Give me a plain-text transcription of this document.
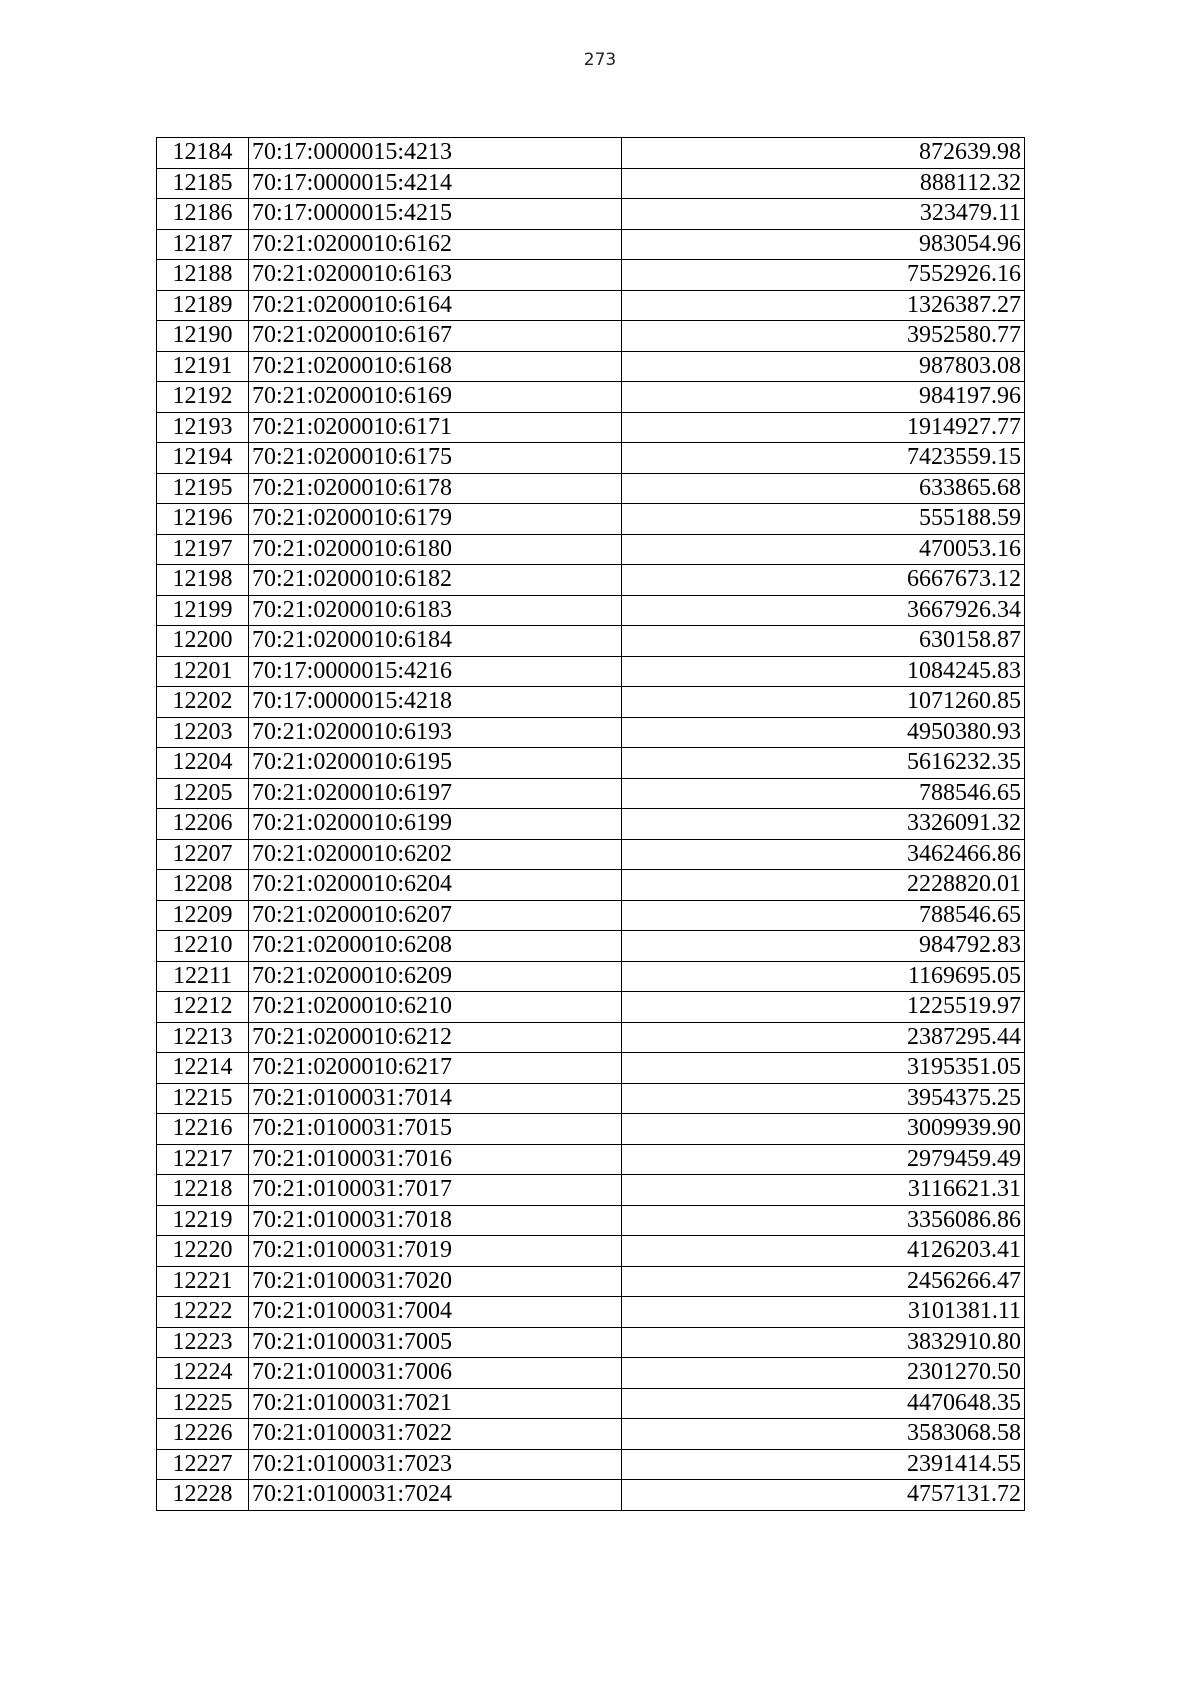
273
12184	70:17:0000015:4213	872639.98
12185	70:17:0000015:4214	888112.32
12186	70:17:0000015:4215	323479.11
12187	70:21:0200010:6162	983054.96
12188	70:21:0200010:6163	7552926.16
12189	70:21:0200010:6164	1326387.27
12190	70:21:0200010:6167	3952580.77
12191	70:21:0200010:6168	987803.08
12192	70:21:0200010:6169	984197.96
12193	70:21:0200010:6171	1914927.77
12194	70:21:0200010:6175	7423559.15
12195	70:21:0200010:6178	633865.68
12196	70:21:0200010:6179	555188.59
12197	70:21:0200010:6180	470053.16
12198	70:21:0200010:6182	6667673.12
12199	70:21:0200010:6183	3667926.34
12200	70:21:0200010:6184	630158.87
12201	70:17:0000015:4216	1084245.83
12202	70:17:0000015:4218	1071260.85
12203	70:21:0200010:6193	4950380.93
12204	70:21:0200010:6195	5616232.35
12205	70:21:0200010:6197	788546.65
12206	70:21:0200010:6199	3326091.32
12207	70:21:0200010:6202	3462466.86
12208	70:21:0200010:6204	2228820.01
12209	70:21:0200010:6207	788546.65
12210	70:21:0200010:6208	984792.83
12211	70:21:0200010:6209	1169695.05
12212	70:21:0200010:6210	1225519.97
12213	70:21:0200010:6212	2387295.44
12214	70:21:0200010:6217	3195351.05
12215	70:21:0100031:7014	3954375.25
12216	70:21:0100031:7015	3009939.90
12217	70:21:0100031:7016	2979459.49
12218	70:21:0100031:7017	3116621.31
12219	70:21:0100031:7018	3356086.86
12220	70:21:0100031:7019	4126203.41
12221	70:21:0100031:7020	2456266.47
12222	70:21:0100031:7004	3101381.11
12223	70:21:0100031:7005	3832910.80
12224	70:21:0100031:7006	2301270.50
12225	70:21:0100031:7021	4470648.35
12226	70:21:0100031:7022	3583068.58
12227	70:21:0100031:7023	2391414.55
12228	70:21:0100031:7024	4757131.72
